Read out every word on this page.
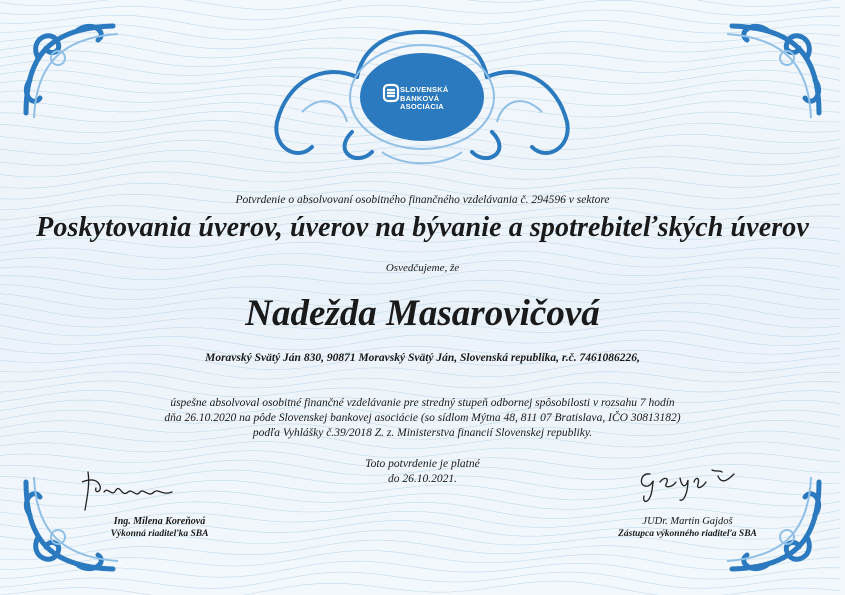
SLOVENSKÁ
BANKOVÁ
ASOCIÁCIA
Potvrdenie o absolvovaní osobitného finančného vzdelávania č. 294596 v sektore
Poskytovania úverov, úverov na bývanie a spotrebiteľských úverov
Osvedčujeme, že
Nadežda Masarovičová
Moravský Svätý Ján 830, 90871 Moravský Svätý Ján, Slovenská republika, r.č. 7461086226,
úspešne absolvoval osobitné finančné vzdelávanie pre stredný stupeň odbornej spôsobilosti v rozsahu 7 hodín
dňa 26.10.2020 na pôde Slovenskej bankovej asociácie (so sídlom Mýtna 48, 811 07 Bratislava, IČO 30813182)
podľa Vyhlášky č.39/2018 Z. z. Ministerstva financií Slovenskej republiky.
Toto potvrdenie je platné
do 26.10.2021.
Ing. Milena Koreňová
Výkonná riaditeľka SBA
JUDr. Martin Gajdoš
Zástupca výkonného riaditeľa SBA
